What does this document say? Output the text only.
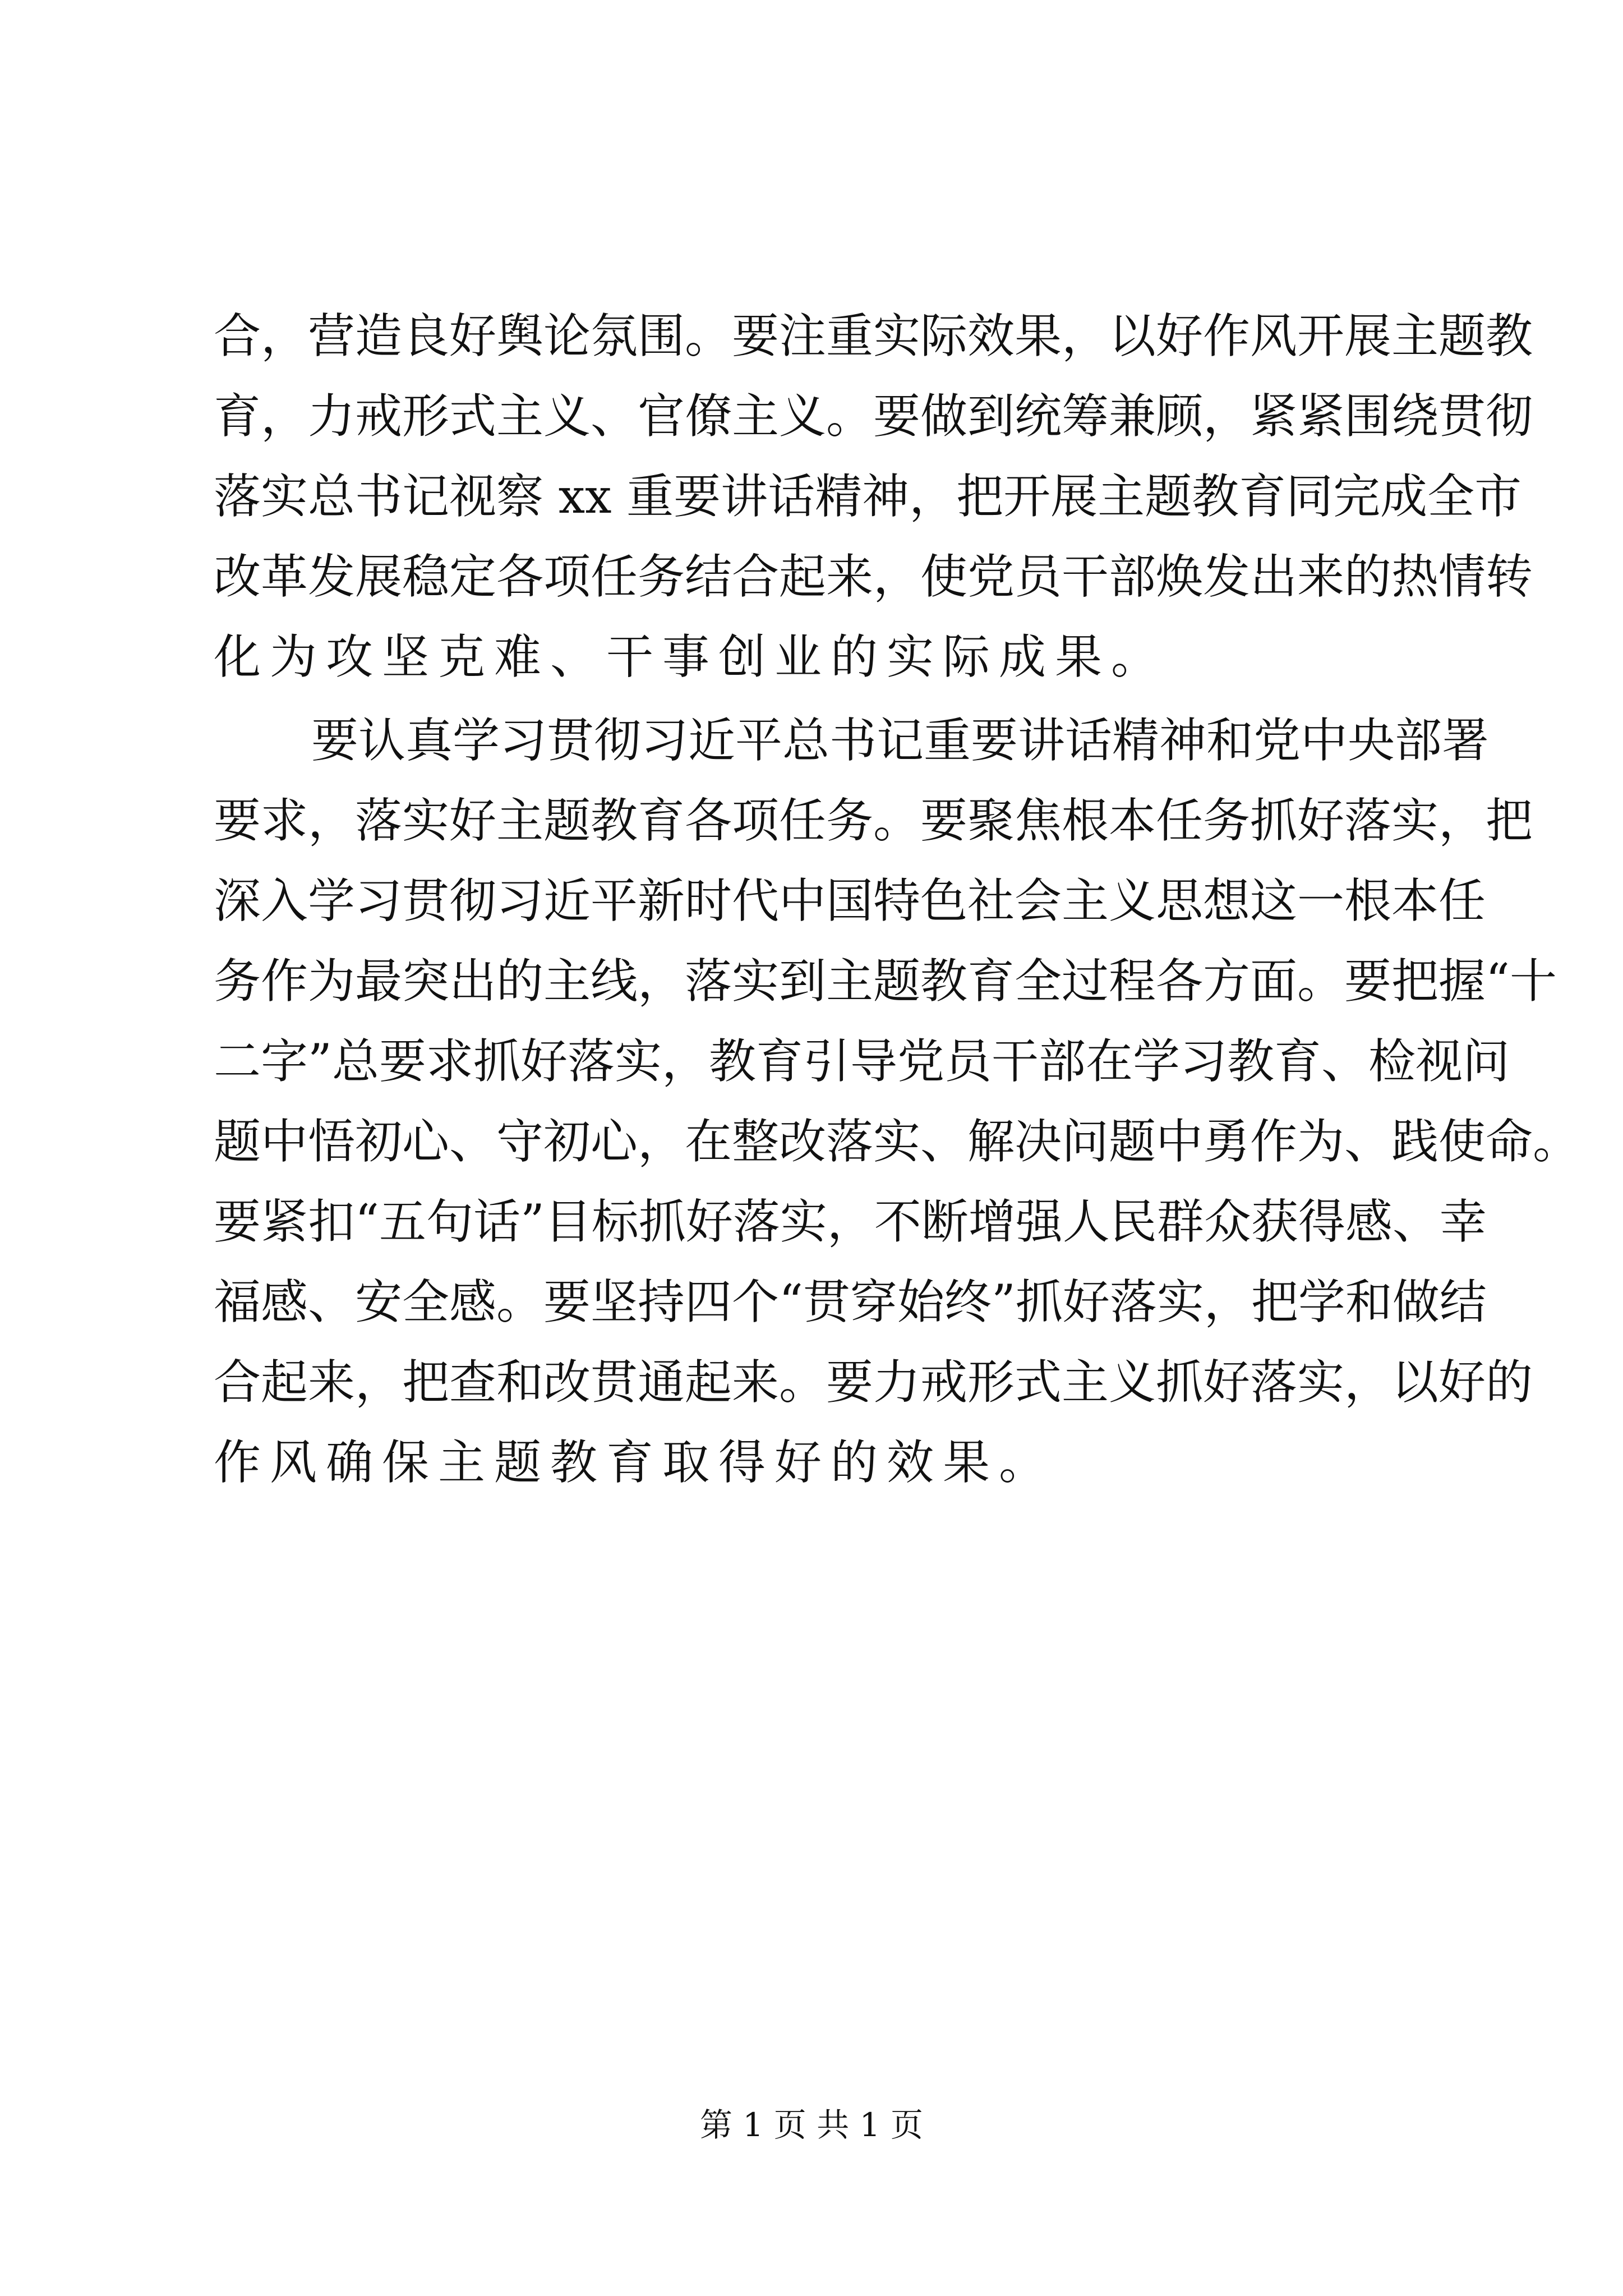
合，营造良好舆论氛围。要注重实际效果，以好作风开展主题教
育，力戒形式主义、官僚主义。要做到统筹兼顾，紧紧围绕贯彻
落实总书记视察 xx 重要讲话精神，把开展主题教育同完成全市
改革发展稳定各项任务结合起来，使党员干部焕发出来的热情转
化为攻坚克难、干事创业的实际成果。
要认真学习贯彻习近平总书记重要讲话精神和党中央部署
要求，落实好主题教育各项任务。要聚焦根本任务抓好落实，把
深入学习贯彻习近平新时代中国特色社会主义思想这一根本任
务作为最突出的主线，落实到主题教育全过程各方面。要把握“十
二字”总要求抓好落实，教育引导党员干部在学习教育、检视问
题中悟初心、守初心，在整改落实、解决问题中勇作为、践使命。
要紧扣“五句话”目标抓好落实，不断增强人民群众获得感、幸
福感、安全感。要坚持四个“贯穿始终”抓好落实，把学和做结
合起来，把查和改贯通起来。要力戒形式主义抓好落实，以好的
作风确保主题教育取得好的效果。
第 1 页 共 1 页
